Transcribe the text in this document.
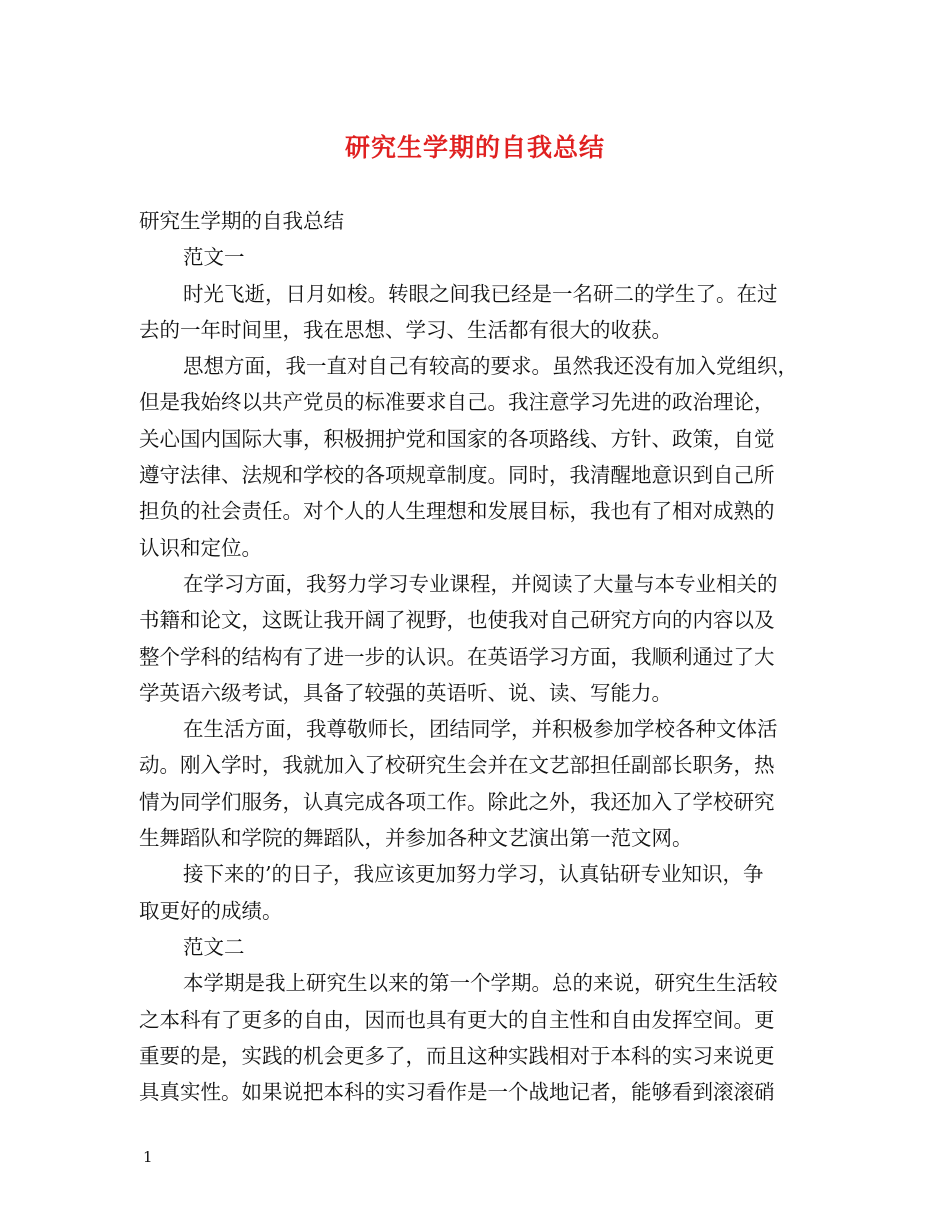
研究生学期的自我总结
研究生学期的自我总结
范文一
时光飞逝，日月如梭。转眼之间我已经是一名研二的学生了。在过
去的一年时间里，我在思想、学习、生活都有很大的收获。
思想方面，我一直对自己有较高的要求。虽然我还没有加入党组织，
但是我始终以共产党员的标准要求自己。我注意学习先进的政治理论，
关心国内国际大事，积极拥护党和国家的各项路线、方针、政策，自觉
遵守法律、法规和学校的各项规章制度。同时，我清醒地意识到自己所
担负的社会责任。对个人的人生理想和发展目标，我也有了相对成熟的
认识和定位。
在学习方面，我努力学习专业课程，并阅读了大量与本专业相关的
书籍和论文，这既让我开阔了视野，也使我对自己研究方向的内容以及
整个学科的结构有了进一步的认识。在英语学习方面，我顺利通过了大
学英语六级考试，具备了较强的英语听、说、读、写能力。
在生活方面，我尊敬师长，团结同学，并积极参加学校各种文体活
动。刚入学时，我就加入了校研究生会并在文艺部担任副部长职务，热
情为同学们服务，认真完成各项工作。除此之外，我还加入了学校研究
生舞蹈队和学院的舞蹈队，并参加各种文艺演出第一范文网。
接下来的’的日子，我应该更加努力学习，认真钻研专业知识，争
取更好的成绩。
范文二
本学期是我上研究生以来的第一个学期。总的来说，研究生生活较
之本科有了更多的自由，因而也具有更大的自主性和自由发挥空间。更
重要的是，实践的机会更多了，而且这种实践相对于本科的实习来说更
具真实性。如果说把本科的实习看作是一个战地记者，能够看到滚滚硝
1
